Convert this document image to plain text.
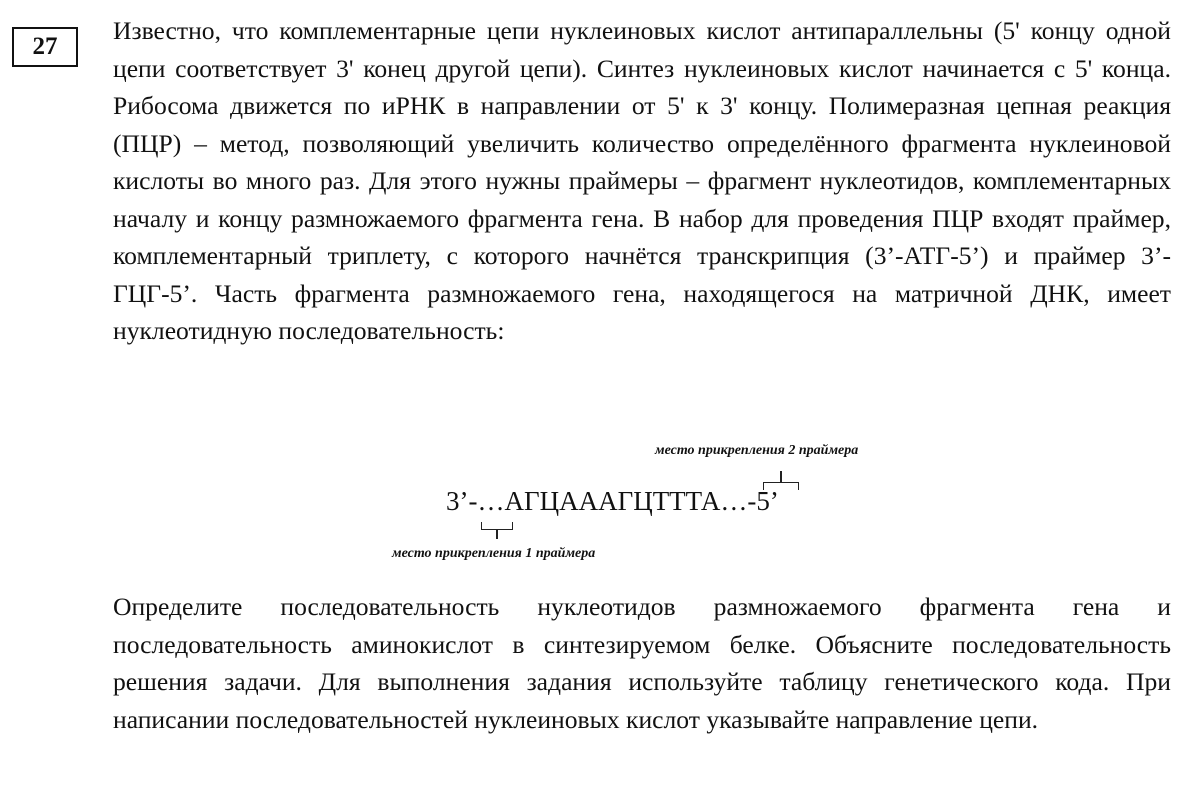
27
Известно, что комплементарные цепи нуклеиновых кислот антипараллельны (5' концу одной цепи соответствует 3' конец другой цепи). Синтез нуклеиновых кислот начинается с 5' конца. Рибосома движется по иРНК в направлении от 5' к 3' концу. Полимеразная цепная реакция (ПЦР) – метод, позволяющий увеличить количество определённого фрагмента нуклеиновой кислоты во много раз. Для этого нужны праймеры – фрагмент нуклеотидов, комплементарных началу и концу размножаемого фрагмента гена. В набор для проведения ПЦР входят праймер, комплементарный триплету, с которого начнётся транскрипция (3’-АТГ-5’) и праймер 3’-ГЦГ-5’. Часть фрагмента размножаемого гена, находящегося на матричной ДНК, имеет нуклеотидную последовательность:
место прикрепления 2 праймера
3’-…АГЦАААГЦТТТА…-5’
место прикрепления 1 праймера
Определите последовательность нуклеотидов размножаемого фрагмента гена и последовательность аминокислот в синтезируемом белке. Объясните последовательность решения задачи. Для выполнения задания используйте таблицу генетического кода. При написании последовательностей нуклеиновых кислот указывайте направление цепи.
